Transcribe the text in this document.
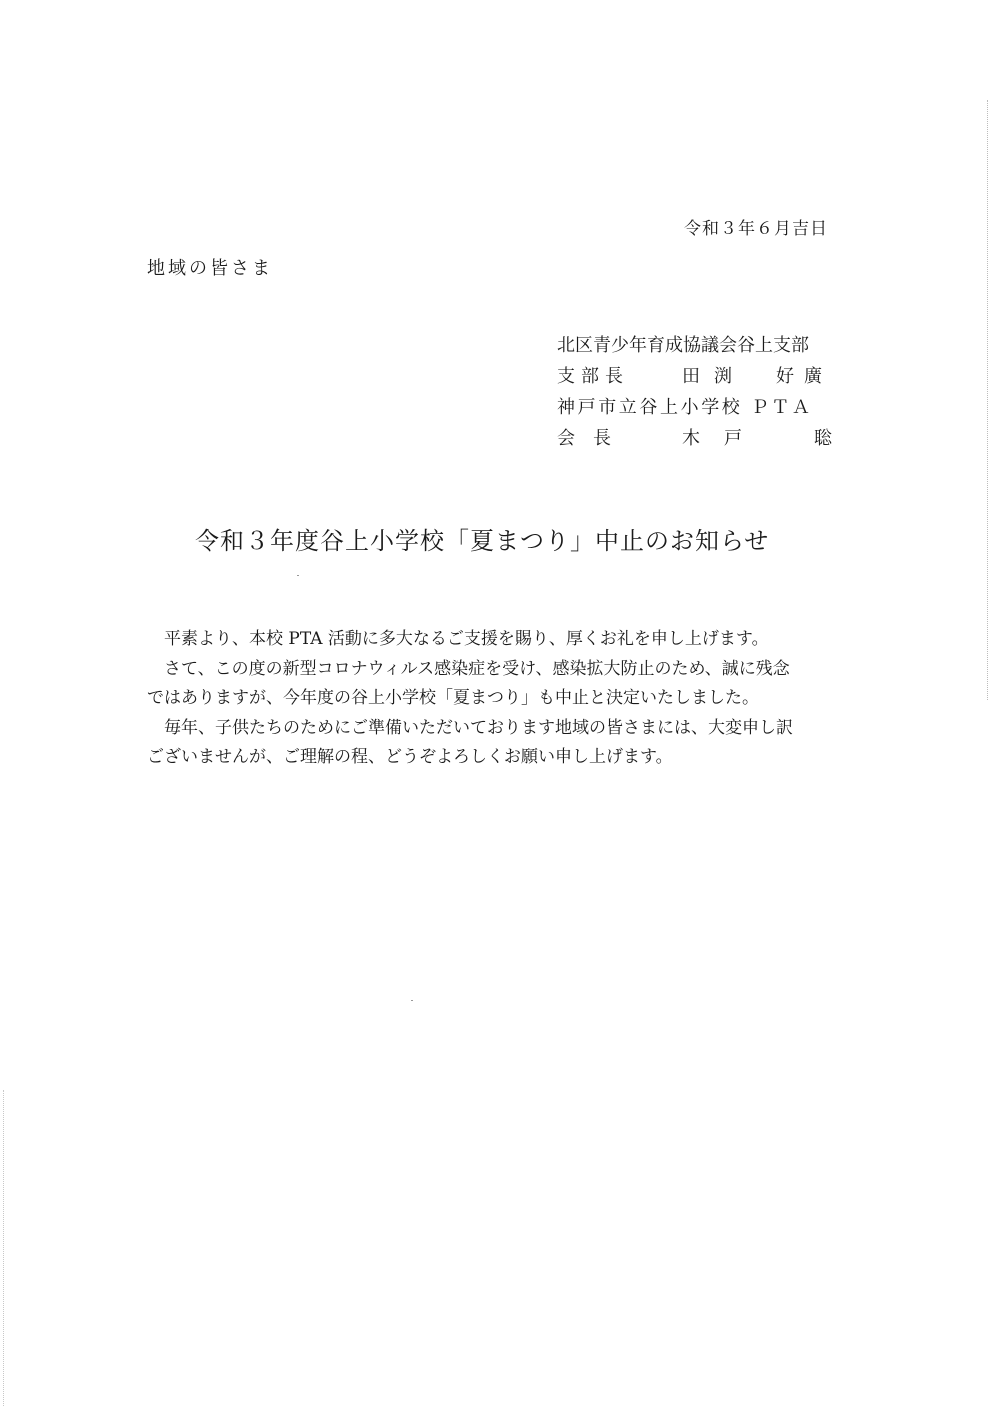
令和３年６月吉日
地域の皆さま
北区青少年育成協議会谷上支部
支部長	田渕 好廣
神戸市立谷上小学校 ＰＴＡ
会長	木戸	聡
令和３年度谷上小学校「夏まつり」中止のお知らせ

平素より、本校 PTA 活動に多大なるご支援を賜り、厚くお礼を申し上げます。

さて、この度の新型コロナウィルス感染症を受け、感染拡大防止のため、誠に残念

ではありますが、今年度の谷上小学校「夏まつり」も中止と決定いたしました。

毎年、子供たちのためにご準備いただいております地域の皆さまには、大変申し訳

ございませんが、ご理解の程、どうぞよろしくお願い申し上げます。
